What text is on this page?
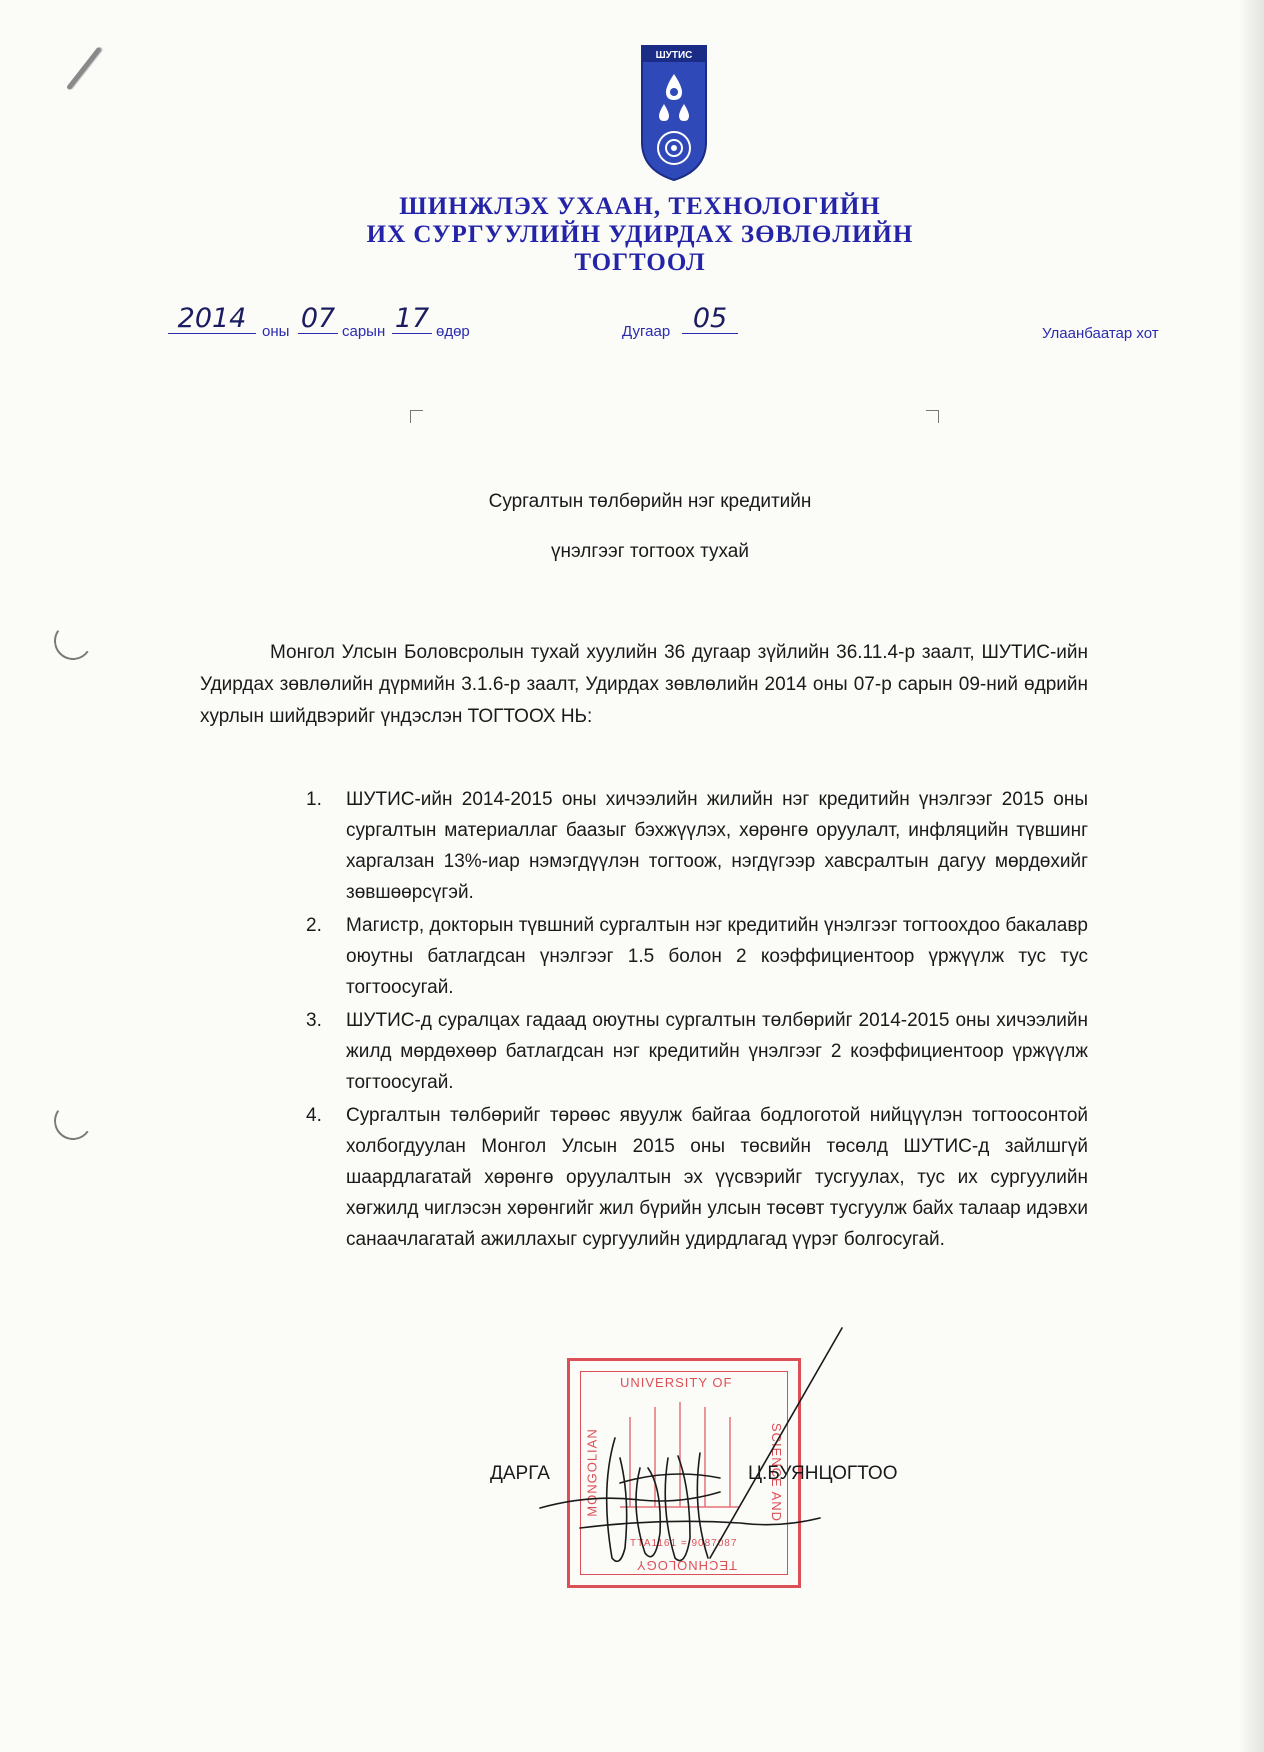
ШУТИС
ШИНЖЛЭХ УХААН, ТЕХНОЛОГИЙН
ИХ СУРГУУЛИЙН УДИРДАХ ЗӨВЛӨЛИЙН
ТОГТООЛ
2014	оны 07 сарын 17 өдөр	Дугаар 05	Улаанбаатар хот
Сургалтын төлбөрийн нэг кредитийн
үнэлгээг тогтоох тухай
Монгол Улсын Боловсролын тухай хуулийн 36 дугаар зүйлийн 36.11.4-р заалт, ШУТИС-ийн Удирдах зөвлөлийн дүрмийн 3.1.6-р заалт, Удирдах зөвлөлийн 2014 оны 07-р сарын 09-ний өдрийн хурлын шийдвэрийг үндэслэн ТОГТООХ НЬ:
1. ШУТИС-ийн 2014-2015 оны хичээлийн жилийн нэг кредитийн үнэлгээг 2015 оны сургалтын материаллаг баазыг бэхжүүлэх, хөрөнгө оруулалт, инфляцийн түвшинг харгалзан 13%-иар нэмэгдүүлэн тогтоож, нэгдүгээр хавсралтын дагуу мөрдөхийг зөвшөөрсүгэй.
2. Магистр, докторын түвшний сургалтын нэг кредитийн үнэлгээг тогтоохдоо бакалавр оюутны батлагдсан үнэлгээг 1.5 болон 2 коэффициентоор үржүүлж тус тус тогтоосугай.
3. ШУТИС-д суралцах гадаад оюутны сургалтын төлбөрийг 2014-2015 оны хичээлийн жилд мөрдөхөөр батлагдсан нэг кредитийн үнэлгээг 2 коэффициентоор үржүүлж тогтоосугай.
4. Сургалтын төлбөрийг төрөөс явуулж байгаа бодлоготой нийцүүлэн тогтоосонтой холбогдуулан Монгол Улсын 2015 оны төсвийн төсөлд ШУТИС-д зайлшгүй шаардлагатай хөрөнгө оруулалтын эх үүсвэрийг тусгуулах, тус их сургуулийн хөгжилд чиглэсэн хөрөнгийг жил бүрийн улсын төсөвт тусгуулж байх талаар идэвхи санаачлагатай ажиллахыг сургуулийн удирдлагад үүрэг болгосугай.
UNIVERSITY OF
MONGOLIAN	SCIENCE AND
TECHNOLOGY
ТТА1161 = 9087087
ДАРГА	Ц.БУЯНЦОГТОО
